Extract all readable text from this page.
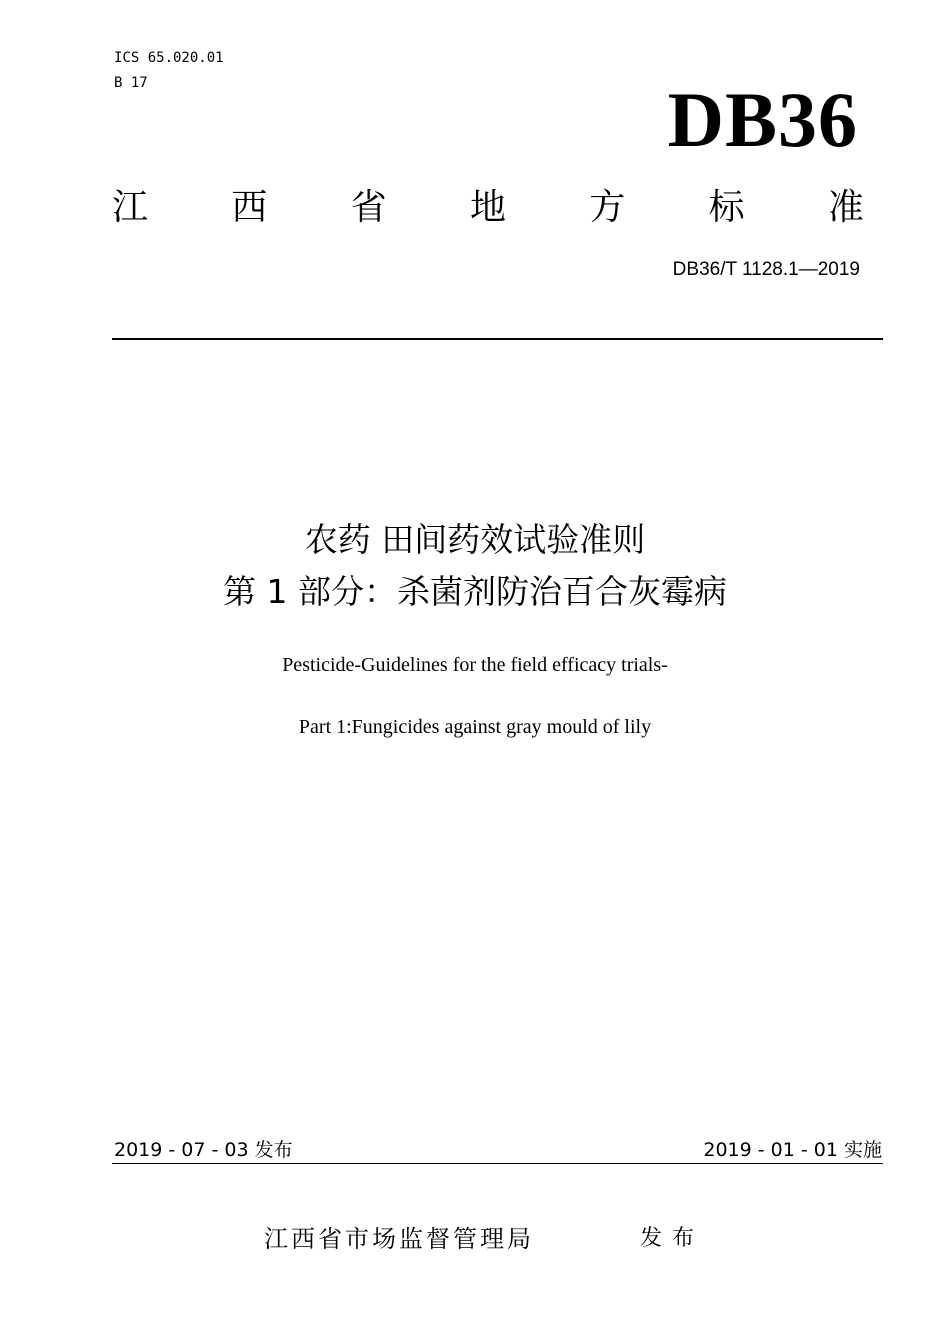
ICS 65.020.01
B 17	DB36
江 西 省 地 方 标 准
DB36/T 1128.1—2019
农药 田间药效试验准则
第 1 部分：杀菌剂防治百合灰霉病
Pesticide-Guidelines for the field efficacy trials-
Part 1:Fungicides against gray mould of lily
2019 - 07 - 03 发布	2019 - 01 - 01 实施
江西省市场监督管理局	发布
